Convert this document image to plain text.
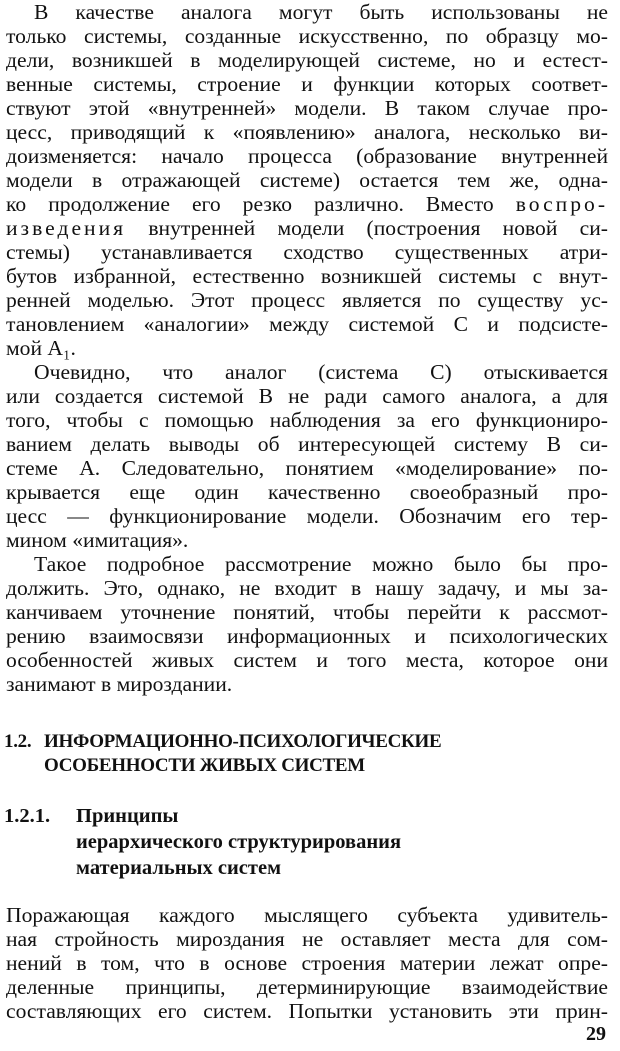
В качестве аналога могут быть использованы не
только системы, созданные искусственно, по образцу мо-
дели, возникшей в моделирующей системе, но и естест-
венные системы, строение и функции которых соответ-
ствуют этой «внутренней» модели. В таком случае про-
цесс, приводящий к «появлению» аналога, несколько ви-
доизменяется: начало процесса (образование внутренней
модели в отражающей системе) остается тем же, одна-
ко продолжение его резко различно. Вместо воспро-
изведения внутренней модели (построения новой си-
стемы) устанавливается сходство существенных атри-
бутов избранной, естественно возникшей системы с внут-
ренней моделью. Этот процесс является по существу ус-
тановлением «аналогии» между системой С и подсисте-
мой A₁.
Очевидно, что аналог (система С) отыскивается
или создается системой В не ради самого аналога, а для
того, чтобы с помощью наблюдения за его функциониро-
ванием делать выводы об интересующей систему В си-
стеме А. Следовательно, понятием «моделирование» по-
крывается еще один качественно своеобразный про-
цесс — функционирование модели. Обозначим его тер-
мином «имитация».
Такое подробное рассмотрение можно было бы про-
должить. Это, однако, не входит в нашу задачу, и мы за-
канчиваем уточнение понятий, чтобы перейти к рассмот-
рению взаимосвязи информационных и психологических
особенностей живых систем и того места, которое они
занимают в мироздании.
1.2. ИНФОРМАЦИОННО-ПСИХОЛОГИЧЕСКИЕ
ОСОБЕННОСТИ ЖИВЫХ СИСТЕМ
1.2.1. Принципы
иерархического структурирования
материальных систем
Поражающая каждого мыслящего субъекта удивитель-
ная стройность мироздания не оставляет места для сом-
нений в том, что в основе строения материи лежат опре-
деленные принципы, детерминирующие взаимодействие
составляющих его систем. Попытки установить эти прин-
29
